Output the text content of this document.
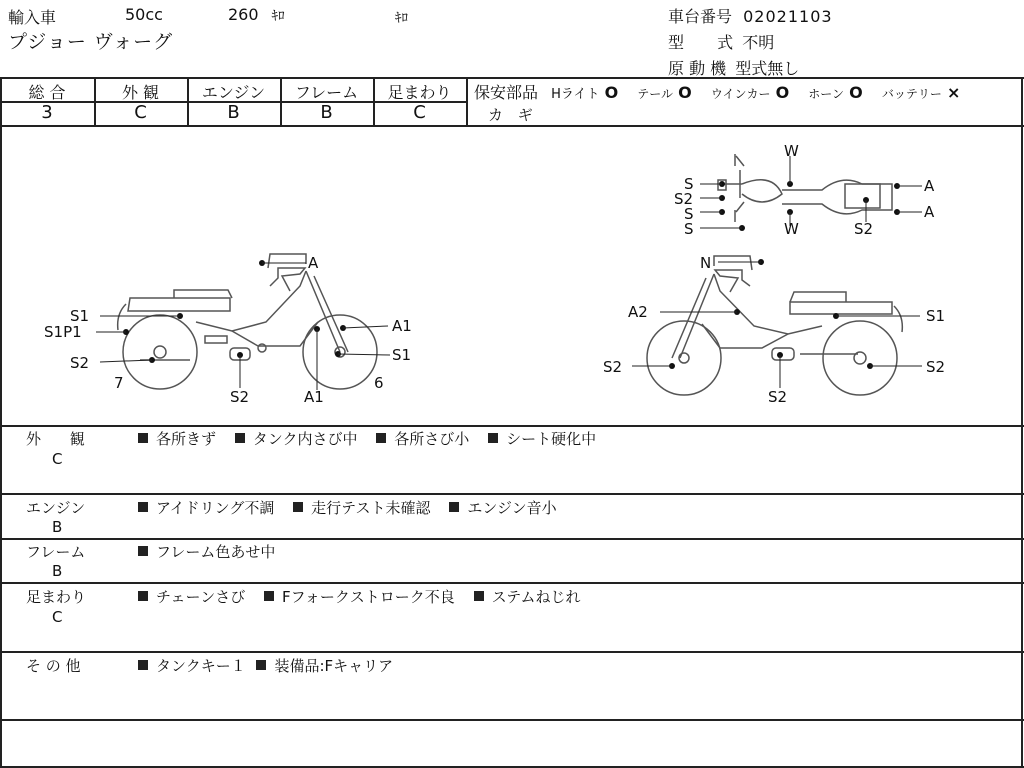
輸入車	50cc	260 ｷﾛ	ｷﾛ
プジョー ヴォーグ
車台番号 02021103
型 式 不明
原 動 機 型式無し
総 合	外 観	エンジン	フレーム	足まわり
3	C	B	B	C
保安部品 Hライト O テール O ウインカー O ホーン O バッテリー ×
カ ギ
A
S1
S1P1
S2
7
S2	A1
A1
S1
6
N
A2	S1
S2
S2
S2
W
S
S2
S
S	W
A
A
S2
外 観
C
各所きず タンク内さび中 各所さび小 シート硬化中
エンジン
B
アイドリング不調 走行テスト未確認 エンジン音小
フレーム
B
フレーム色あせ中
足まわり
C
チェーンさび Fフォークストローク不良 ステムねじれ
そ の 他	タンクキー１ 装備品:Fキャリア
